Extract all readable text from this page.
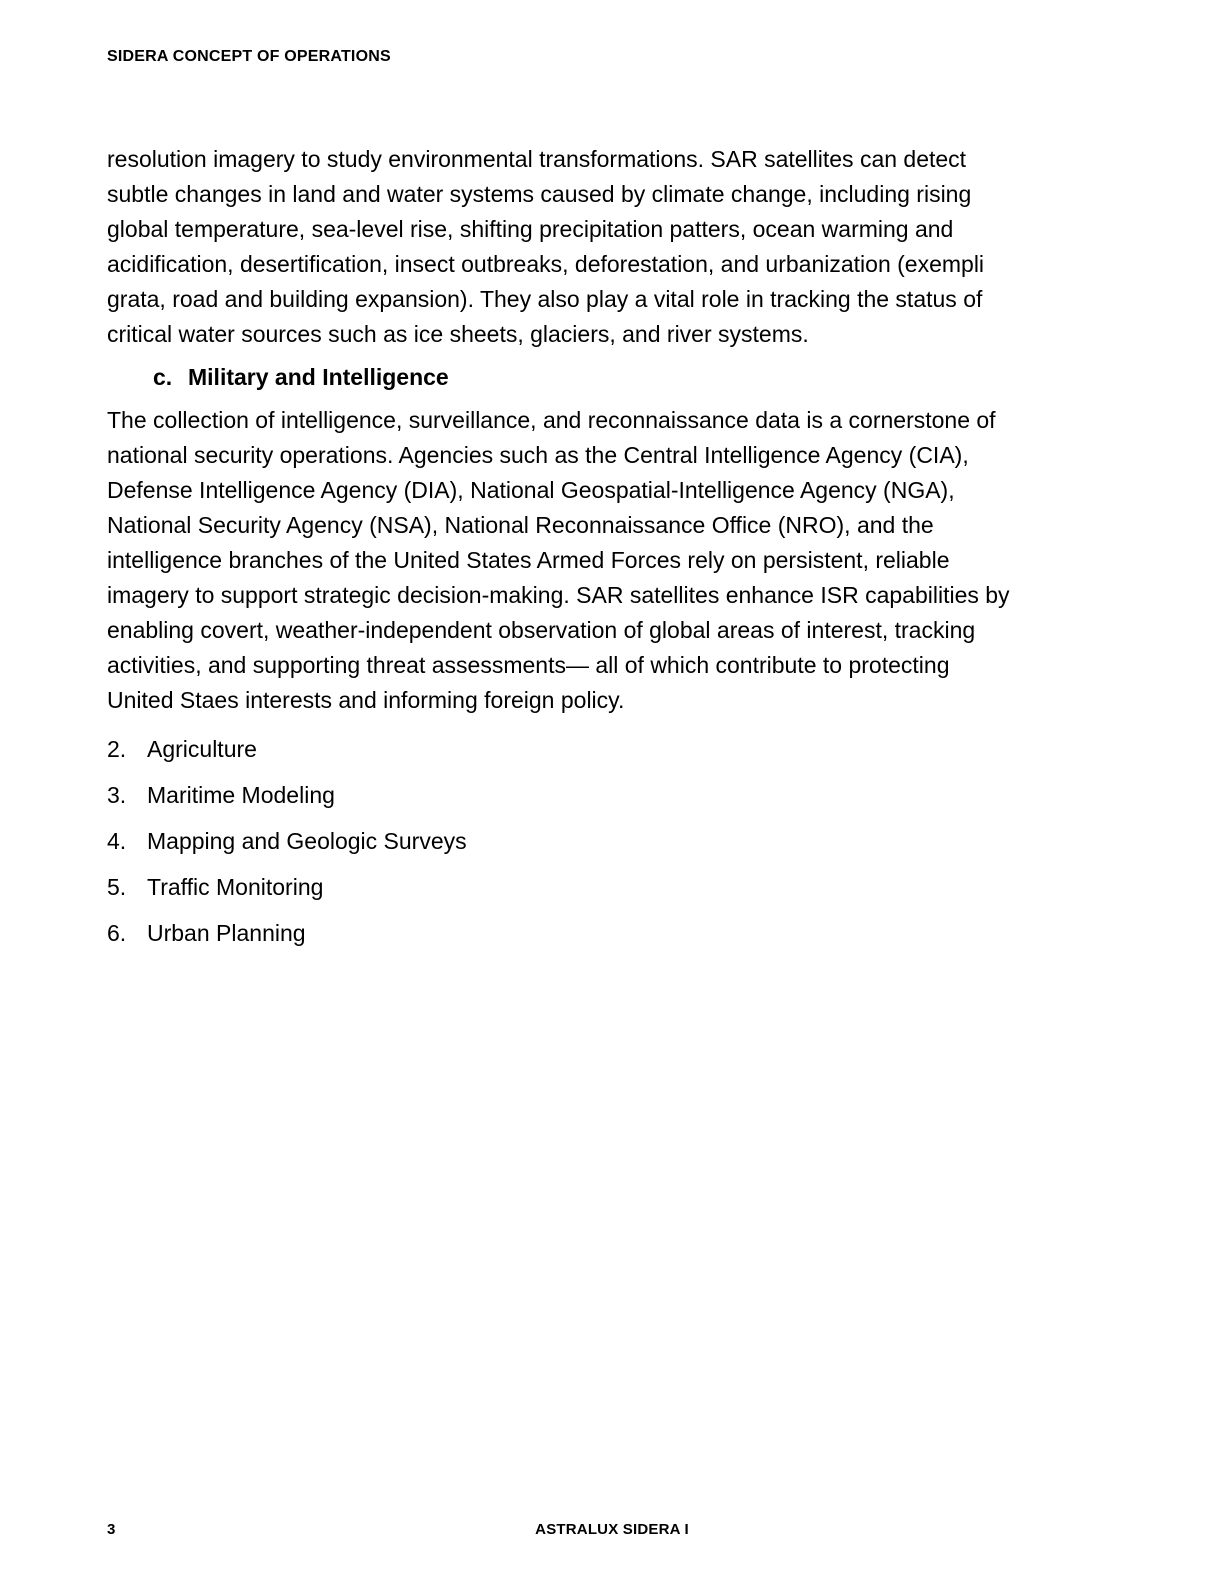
SIDERA CONCEPT OF OPERATIONS
resolution imagery to study environmental transformations. SAR satellites can detect
subtle changes in land and water systems caused by climate change, including rising
global temperature, sea-level rise, shifting precipitation patters, ocean warming and
acidification, desertification, insect outbreaks, deforestation, and urbanization (exempli
grata, road and building expansion). They also play a vital role in tracking the status of
critical water sources such as ice sheets, glaciers, and river systems.
c. Military and Intelligence
The collection of intelligence, surveillance, and reconnaissance data is a cornerstone of
national security operations. Agencies such as the Central Intelligence Agency (CIA),
Defense Intelligence Agency (DIA), National Geospatial-Intelligence Agency (NGA),
National Security Agency (NSA), National Reconnaissance Office (NRO), and the
intelligence branches of the United States Armed Forces rely on persistent, reliable
imagery to support strategic decision-making. SAR satellites enhance ISR capabilities by
enabling covert, weather-independent observation of global areas of interest, tracking
activities, and supporting threat assessments— all of which contribute to protecting
United Staes interests and informing foreign policy.
2. Agriculture
3. Maritime Modeling
4. Mapping and Geologic Surveys
5. Traffic Monitoring
6. Urban Planning
3	ASTRALUX SIDERA I
